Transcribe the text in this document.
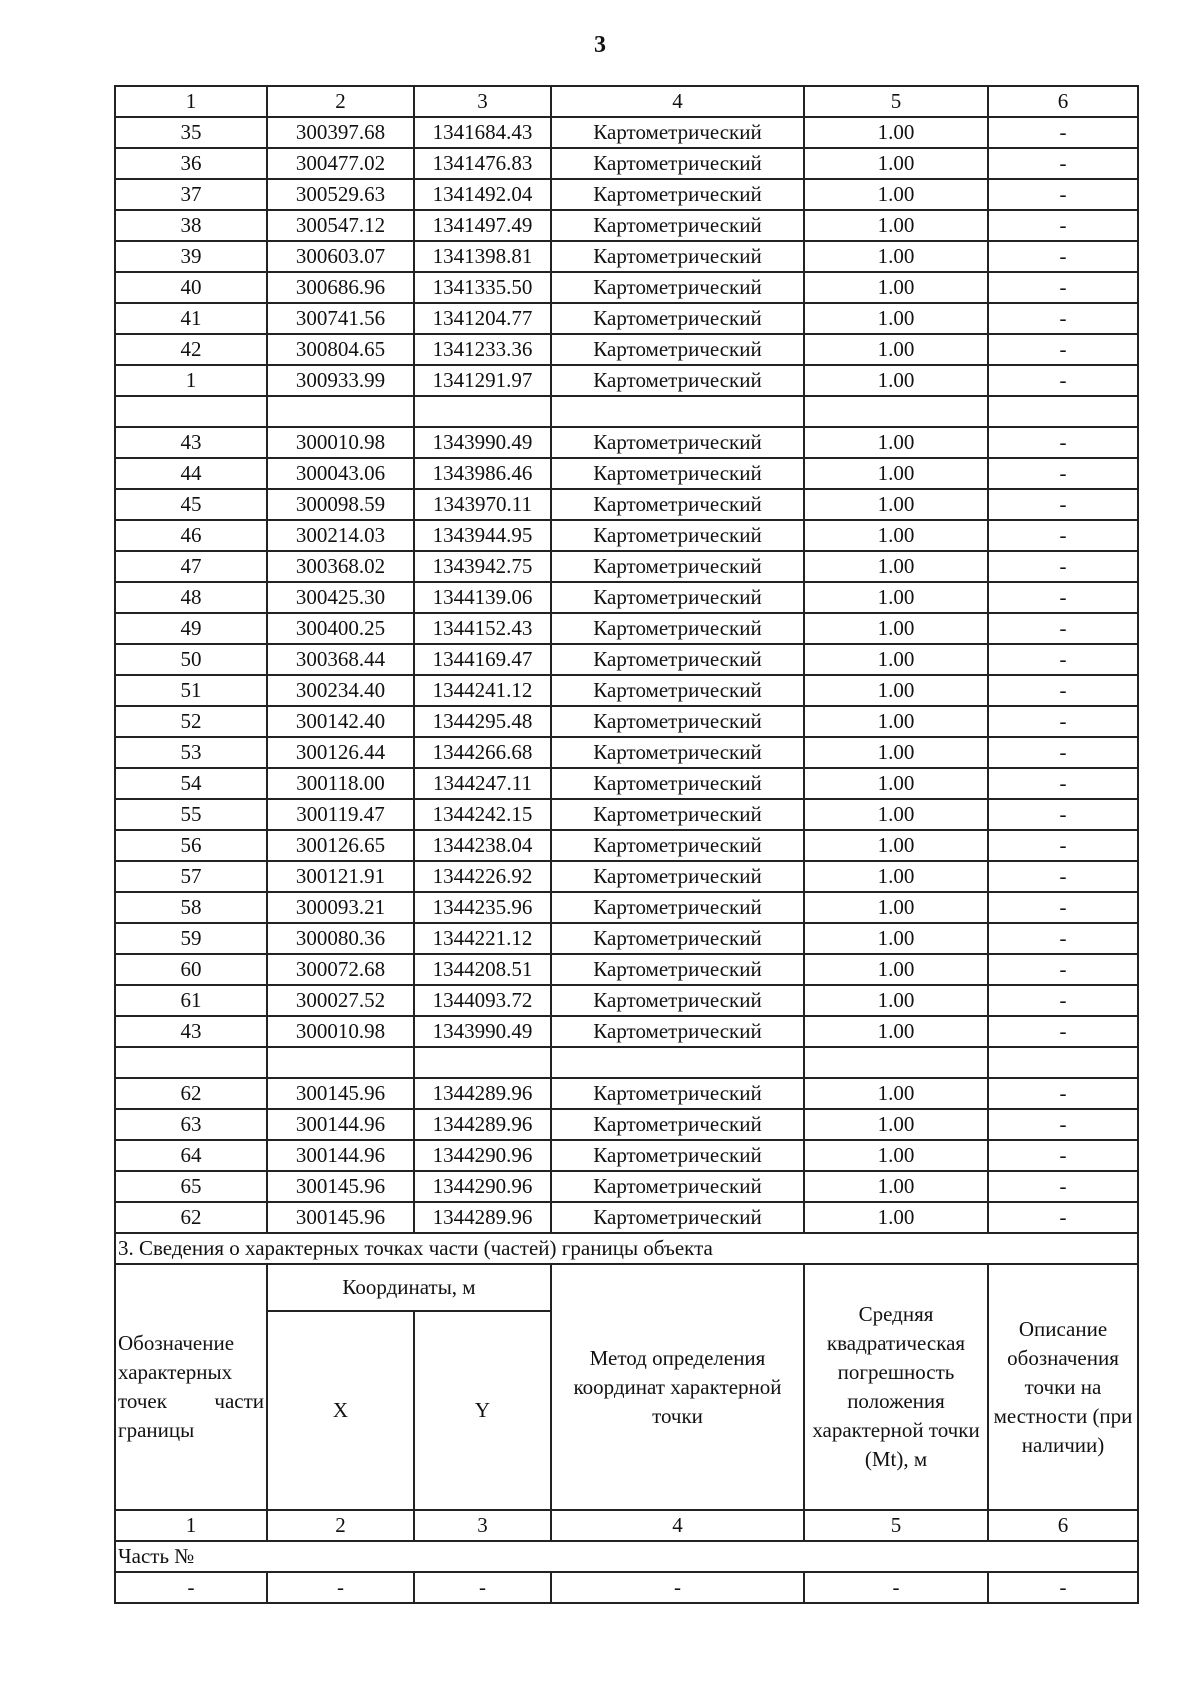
3
1	2	3	4	5	6
35	300397.68	1341684.43	Картометрический	1.00	-
36	300477.02	1341476.83	Картометрический	1.00	-
37	300529.63	1341492.04	Картометрический	1.00	-
38	300547.12	1341497.49	Картометрический	1.00	-
39	300603.07	1341398.81	Картометрический	1.00	-
40	300686.96	1341335.50	Картометрический	1.00	-
41	300741.56	1341204.77	Картометрический	1.00	-
42	300804.65	1341233.36	Картометрический	1.00	-
1	300933.99	1341291.97	Картометрический	1.00	-

43	300010.98	1343990.49	Картометрический	1.00	-
44	300043.06	1343986.46	Картометрический	1.00	-
45	300098.59	1343970.11	Картометрический	1.00	-
46	300214.03	1343944.95	Картометрический	1.00	-
47	300368.02	1343942.75	Картометрический	1.00	-
48	300425.30	1344139.06	Картометрический	1.00	-
49	300400.25	1344152.43	Картометрический	1.00	-
50	300368.44	1344169.47	Картометрический	1.00	-
51	300234.40	1344241.12	Картометрический	1.00	-
52	300142.40	1344295.48	Картометрический	1.00	-
53	300126.44	1344266.68	Картометрический	1.00	-
54	300118.00	1344247.11	Картометрический	1.00	-
55	300119.47	1344242.15	Картометрический	1.00	-
56	300126.65	1344238.04	Картометрический	1.00	-
57	300121.91	1344226.92	Картометрический	1.00	-
58	300093.21	1344235.96	Картометрический	1.00	-
59	300080.36	1344221.12	Картометрический	1.00	-
60	300072.68	1344208.51	Картометрический	1.00	-
61	300027.52	1344093.72	Картометрический	1.00	-
43	300010.98	1343990.49	Картометрический	1.00	-

62	300145.96	1344289.96	Картометрический	1.00	-
63	300144.96	1344289.96	Картометрический	1.00	-
64	300144.96	1344290.96	Картометрический	1.00	-
65	300145.96	1344290.96	Картометрический	1.00	-
62	300145.96	1344289.96	Картометрический	1.00	-
3. Сведения о характерных точках части (частей) границы объекта					
Обозначение характерных точек части границы	Координаты, м		Метод определения координат характерной точки	Средняя квадратическая погрешность положения характерной точки (Mt), м	Описание обозначения точки на местности (при наличии)
	X	Y			
1	2	3	4	5	6
Часть №					
-	-	-	-	-	-
